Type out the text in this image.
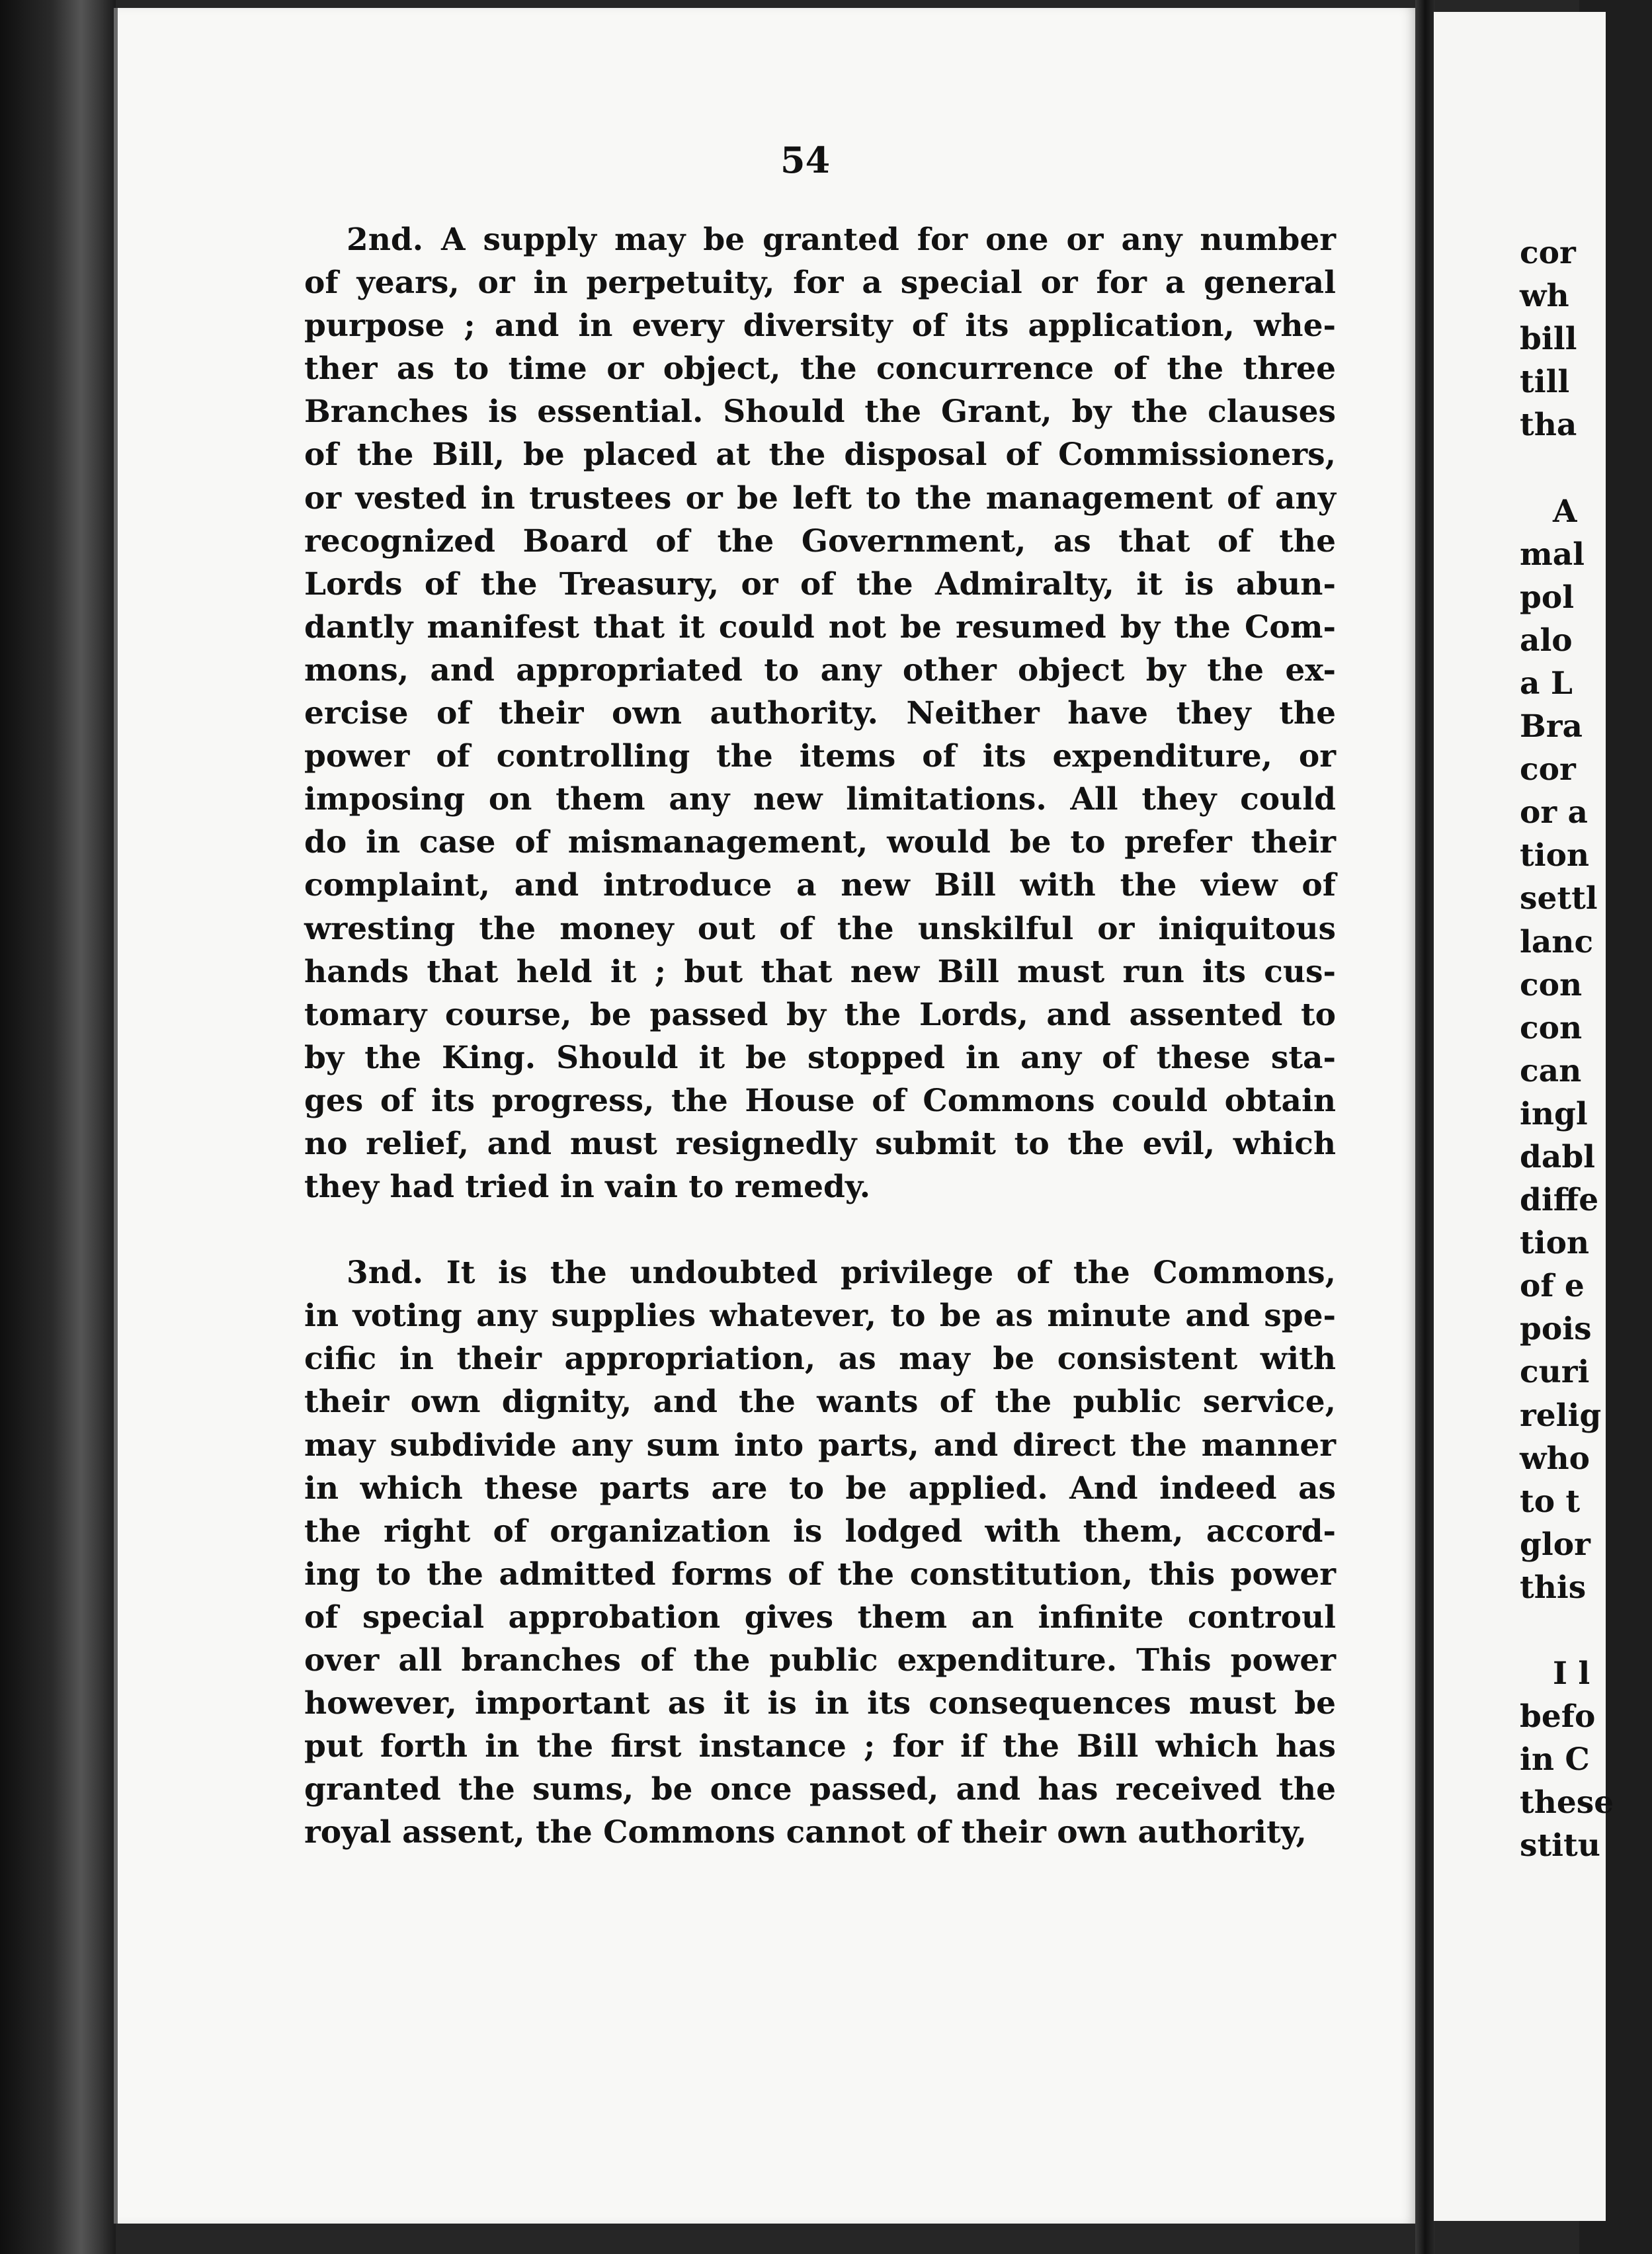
54
2nd. A supply may be granted for one or any number
of years, or in perpetuity, for a special or for a general
purpose ; and in every diversity of its application, whe-
ther as to time or object, the concurrence of the three
Branches is essential. Should the Grant, by the clauses
of the Bill, be placed at the disposal of Commissioners,
or vested in trustees or be left to the management of any
recognized Board of the Government, as that of the
Lords of the Treasury, or of the Admiralty, it is abun-
dantly manifest that it could not be resumed by the Com-
mons, and appropriated to any other object by the ex-
ercise of their own authority. Neither have they the
power of controlling the items of its expenditure, or
imposing on them any new limitations. All they could
do in case of mismanagement, would be to prefer their
complaint, and introduce a new Bill with the view of
wresting the money out of the unskilful or iniquitous
hands that held it ; but that new Bill must run its cus-
tomary course, be passed by the Lords, and assented to
by the King. Should it be stopped in any of these sta-
ges of its progress, the House of Commons could obtain
no relief, and must resignedly submit to the evil, which
they had tried in vain to remedy.
3nd. It is the undoubted privilege of the Commons,
in voting any supplies whatever, to be as minute and spe-
cific in their appropriation, as may be consistent with
their own dignity, and the wants of the public service,
may subdivide any sum into parts, and direct the manner
in which these parts are to be applied. And indeed as
the right of organization is lodged with them, accord-
ing to the admitted forms of the constitution, this power
of special approbation gives them an infinite controul
over all branches of the public expenditure. This power
however, important as it is in its consequences must be
put forth in the first instance ; for if the Bill which has
granted the sums, be once passed, and has received the
royal assent, the Commons cannot of their own authority,
cor
wh
bill
till
tha
A
mal
pol
alo
a L
Bra
cor
or a
tion
settl
lanc
con
con
can
ingl
dabl
diffe
tion
of e
pois
curi
relig
who
to t
glor
this
I l
befo
in C
these
stitu
